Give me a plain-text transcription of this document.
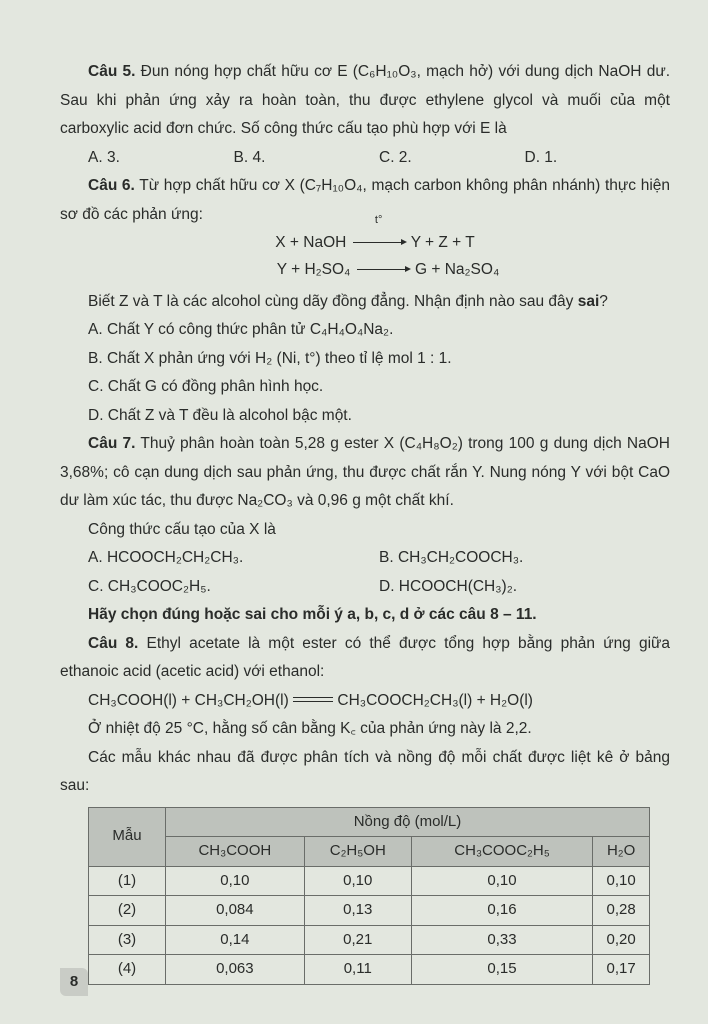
Câu 5. Đun nóng hợp chất hữu cơ E (C₆H₁₀O₃, mạch hở) với dung dịch NaOH dư. Sau khi phản ứng xảy ra hoàn toàn, thu được ethylene glycol và muối của một carboxylic acid đơn chức. Số công thức cấu tạo phù hợp với E là
A. 3.	B. 4.	C. 2.	D. 1.
Câu 6. Từ hợp chất hữu cơ X (C₇H₁₀O₄, mạch carbon không phân nhánh) thực hiện sơ đồ các phản ứng:
X + NaOH
t°
Y + Z + T
Y + H₂SO₄	G + Na₂SO₄
Biết Z và T là các alcohol cùng dãy đồng đẳng. Nhận định nào sau đây sai?
A. Chất Y có công thức phân tử C₄H₄O₄Na₂.
B. Chất X phản ứng với H₂ (Ni, t°) theo tỉ lệ mol 1 : 1.
C. Chất G có đồng phân hình học.
D. Chất Z và T đều là alcohol bậc một.
Câu 7. Thuỷ phân hoàn toàn 5,28 g ester X (C₄H₈O₂) trong 100 g dung dịch NaOH 3,68%; cô cạn dung dịch sau phản ứng, thu được chất rắn Y. Nung nóng Y với bột CaO dư làm xúc tác, thu được Na₂CO₃ và 0,96 g một chất khí.
Công thức cấu tạo của X là
A. HCOOCH₂CH₂CH₃.	B. CH₃CH₂COOCH₃.
C. CH₃COOC₂H₅.	D. HCOOCH(CH₃)₂.
Hãy chọn đúng hoặc sai cho mỗi ý a, b, c, d ở các câu 8 – 11.
Câu 8. Ethyl acetate là một ester có thể được tổng hợp bằng phản ứng giữa ethanoic acid (acetic acid) với ethanol:
CH₃COOH(l) + CH₃CH₂OH(l)	CH₃COOCH₂CH₃(l) + H₂O(l)
Ở nhiệt độ 25 °C, hằng số cân bằng K꜀ của phản ứng này là 2,2.
Các mẫu khác nhau đã được phân tích và nồng độ mỗi chất được liệt kê ở bảng sau:
Mẫu	Nồng độ (mol/L)			
	CH₃COOH	C₂H₅OH	CH₃COOC₂H₅	H₂O
(1)	0,10	0,10	0,10	0,10
(2)	0,084	0,13	0,16	0,28
(3)	0,14	0,21	0,33	0,20
(4)	0,063	0,11	0,15	0,17
8
